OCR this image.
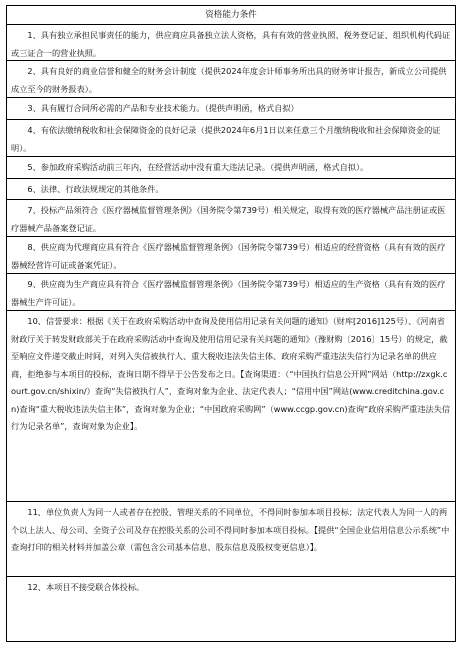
资格能力条件
1、具有独立承担民事责任的能力，供应商应具备独立法人资格，具有有效的营业执照、税务登记证、组织机构代码证或三证合一的营业执照。
2、具有良好的商业信誉和健全的财务会计制度（提供2024年度会计师事务所出具的财务审计报告，新成立公司提供成立至今的财务报表）。
3、具有履行合同所必需的产品和专业技术能力。（提供声明函，格式自拟）
4、有依法缴纳税收和社会保障资金的良好记录（提供2024年6月1日以来任意三个月缴纳税收和社会保障资金的证明）。
5、参加政府采购活动前三年内，在经营活动中没有重大违法记录。（提供声明函，格式自拟）。
6、法律、行政法规规定的其他条件。
7、投标产品须符合《医疗器械监督管理条例》（国务院令第739号）相关规定，取得有效的医疗器械产品注册证或医疗器械产品备案登记证。
8、供应商为代理商应具有符合《医疗器械监督管理条例》（国务院令第739号）相适应的经营资格（具有有效的医疗器械经营许可证或备案凭证）。
9、供应商为生产商应具有符合《医疗器械监督管理条例》（国务院令第739号）相适应的生产资格（具有有效的医疗器械生产许可证）。
10、信誉要求：根据《关于在政府采购活动中查询及使用信用记录有关问题的通知》（财库[2016]125号）、《河南省财政厅关于转发财政部关于在政府采购活动中查询及使用信用记录有关问题的通知》（豫财购〔2016〕15号）的规定，截至响应文件递交截止时间，对列入失信被执行人、重大税收违法失信主体、政府采购严重违法失信行为记录名单的供应商，拒绝参与本项目的投标，查询日期不得早于公告发布之日。【查询渠道：（“中国执行信息公开网”网站（http://zxgk.court.gov.cn/shixin/）查询“失信被执行人”，查询对象为企业、法定代表人；“信用中国”网站(www.creditchina.gov.cn)查询“重大税收违法失信主体”，查询对象为企业；“中国政府采购网”（www.ccgp.gov.cn)查询“政府采购严重违法失信行为记录名单”，查询对象为企业】。
11、单位负责人为同一人或者存在控股、管理关系的不同单位，不得同时参加本项目投标；法定代表人为同一人的两个以上法人、母公司、全资子公司及存在控股关系的公司不得同时参加本项目投标。【提供“全国企业信用信息公示系统”中查询打印的相关材料并加盖公章（需包含公司基本信息、股东信息及股权变更信息）】。
12、本项目不接受联合体投标。
